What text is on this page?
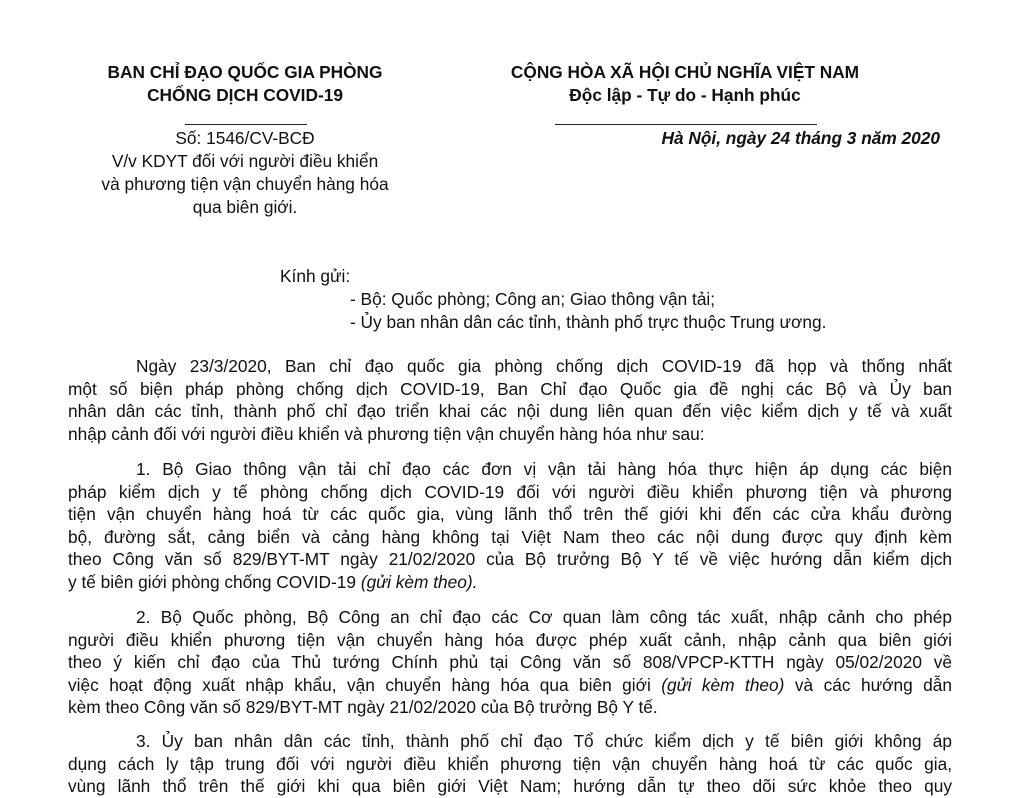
BAN CHỈ ĐẠO QUỐC GIA PHÒNG
CHỐNG DỊCH COVID-19
Số: 1546/CV-BCĐ
V/v KDYT đối với người điều khiển
và phương tiện vận chuyển hàng hóa
qua biên giới.
CỘNG HÒA XÃ HỘI CHỦ NGHĨA VIỆT NAM
Độc lập - Tự do - Hạnh phúc
Hà Nội, ngày 24 tháng 3 năm 2020
Kính gửi:
- Bộ: Quốc phòng; Công an; Giao thông vận tải;
- Ủy ban nhân dân các tỉnh, thành phố trực thuộc Trung ương.
Ngày 23/3/2020, Ban chỉ đạo quốc gia phòng chống dịch COVID-19 đã họp và thống nhất
một số biện pháp phòng chống dịch COVID-19, Ban Chỉ đạo Quốc gia đề nghị các Bộ và Ủy ban
nhân dân các tỉnh, thành phố chỉ đạo triển khai các nội dung liên quan đến việc kiểm dịch y tế và xuất
nhập cảnh đối với người điều khiển và phương tiện vận chuyển hàng hóa như sau:
1. Bộ Giao thông vận tải chỉ đạo các đơn vị vận tải hàng hóa thực hiện áp dụng các biện
pháp kiểm dịch y tế phòng chống dịch COVID-19 đối với người điều khiển phương tiện và phương
tiện vận chuyển hàng hoá từ các quốc gia, vùng lãnh thổ trên thế giới khi đến các cửa khẩu đường
bộ, đường sắt, cảng biển và cảng hàng không tại Việt Nam theo các nội dung được quy định kèm
theo Công văn số 829/BYT-MT ngày 21/02/2020 của Bộ trưởng Bộ Y tế về việc hướng dẫn kiểm dịch
y tế biên giới phòng chống COVID-19 (gửi kèm theo).
2. Bộ Quốc phòng, Bộ Công an chỉ đạo các Cơ quan làm công tác xuất, nhập cảnh cho phép
người điều khiển phương tiện vận chuyển hàng hóa được phép xuất cảnh, nhập cảnh qua biên giới
theo ý kiến chỉ đạo của Thủ tướng Chính phủ tại Công văn số 808/VPCP-KTTH ngày 05/02/2020 về
việc hoạt động xuất nhập khẩu, vận chuyển hàng hóa qua biên giới (gửi kèm theo) và các hướng dẫn
kèm theo Công văn số 829/BYT-MT ngày 21/02/2020 của Bộ trưởng Bộ Y tế.
3. Ủy ban nhân dân các tỉnh, thành phố chỉ đạo Tổ chức kiểm dịch y tế biên giới không áp
dụng cách ly tập trung đối với người điều khiển phương tiện vận chuyển hàng hoá từ các quốc gia,
vùng lãnh thổ trên thế giới khi qua biên giới Việt Nam; hướng dẫn tự theo dõi sức khỏe theo quy
